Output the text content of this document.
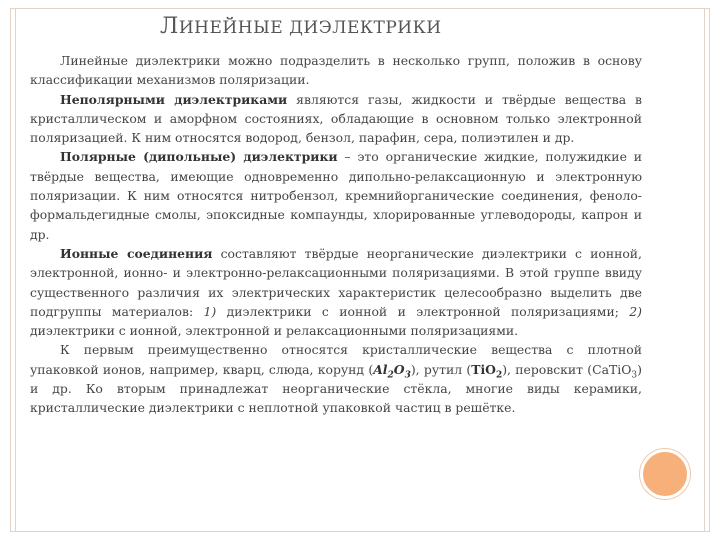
ЛИНЕЙНЫЕ ДИЭЛЕКТРИКИ

Линейные диэлектрики можно подразделить в несколько групп, положив в основу классификации механизмов поляризации.

Неполярными диэлектриками являются газы, жидкости и твёрдые вещества в кристаллическом и аморфном состояниях, обладающие в основном только электронной поляризацией. К ним относятся водород, бензол, парафин, сера, полиэтилен и др.

Полярные (дипольные) диэлектрики – это органические жидкие, полужидкие и твёрдые вещества, имеющие одновременно дипольно-релаксационную и электронную поляризации. К ним относятся нитробензол, кремнийорганические соединения, феноло-формальдегидные смолы, эпоксидные компаунды, хлорированные углеводороды, капрон и др.

Ионные соединения составляют твёрдые неорганические диэлектрики с ионной, электронной, ионно- и электронно-релаксационными поляризациями. В этой группе ввиду существенного различия их электрических характеристик целесообразно выделить две подгруппы материалов: 1) диэлектрики с ионной и электронной поляризациями; 2) диэлектрики с ионной, электронной и релаксационными поляризациями.

К первым преимущественно относятся кристаллические вещества с плотной упаковкой ионов, например, кварц, слюда, корунд $(Al_2O_3)$, рутил (TiO$_2$), перовскит (CaTiO$_3$) и др. Ко вторым принадлежат неорганические стёкла, многие виды керамики, кристаллические диэлектрики с неплотной упаковкой частиц в решётке.
